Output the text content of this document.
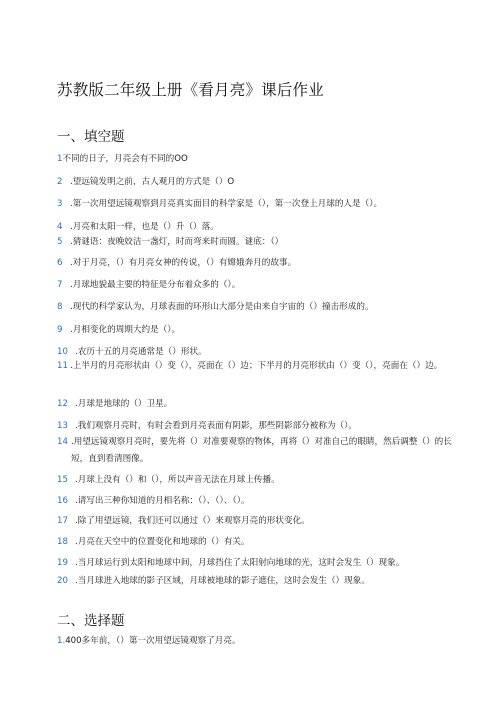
苏教版二年级上册《看月亮》课后作业
一、填空题
1不同的日子，月亮会有不同的OO
2 .望远镜发明之前，古人观月的方式是（）O
3 .第一次用望远镜观察到月亮真实面目的科学家是（），第一次登上月球的人是（）。
4 .月亮和太阳一样，也是（）升（）落。
5 .猜谜语：夜晚姣洁一盏灯，时而弯来时而圆。谜底：（）
6 .对于月亮，（）有月亮女神的传说，（）有嫦娥奔月的故事。
7 .月球地貌最主要的特征是分布着众多的（）。
8 .现代的科学家认为，月球表面的环形山大部分是由来自宇宙的（）撞击形成的。
9 .月相变化的周期大约是（）。
10 .农历十五的月亮通常是（）形状。
11 .上半月的月亮形状由（）变（），亮面在（）边；下半月的月亮形状由（）变（），亮面在（）边。
12 .月球是地球的（）卫星。
13 .我们观察月亮时，有时会看到月亮表面有阴影，那些阴影部分被称为（）。
14 .用望远镜观察月亮时，要先将（）对准要观察的物体，再将（）对准自己的眼睛，然后调整（）的长短，直到看清图像。
15 .月球上没有（）和（），所以声音无法在月球上传播。
16 .请写出三种你知道的月相名称：（）、（）、（）。
17 .除了用望远镜，我们还可以通过（）来观察月亮的形状变化。
18 .月亮在天空中的位置变化和地球的（）有关。
19 .当月球运行到太阳和地球中间，月球挡住了太阳射向地球的光，这时会发生（）现象。
20 .当月球进入地球的影子区域，月球被地球的影子遮住，这时会发生（）现象。
二、选择题
1.400多年前，（）第一次用望远镜观察了月亮。
